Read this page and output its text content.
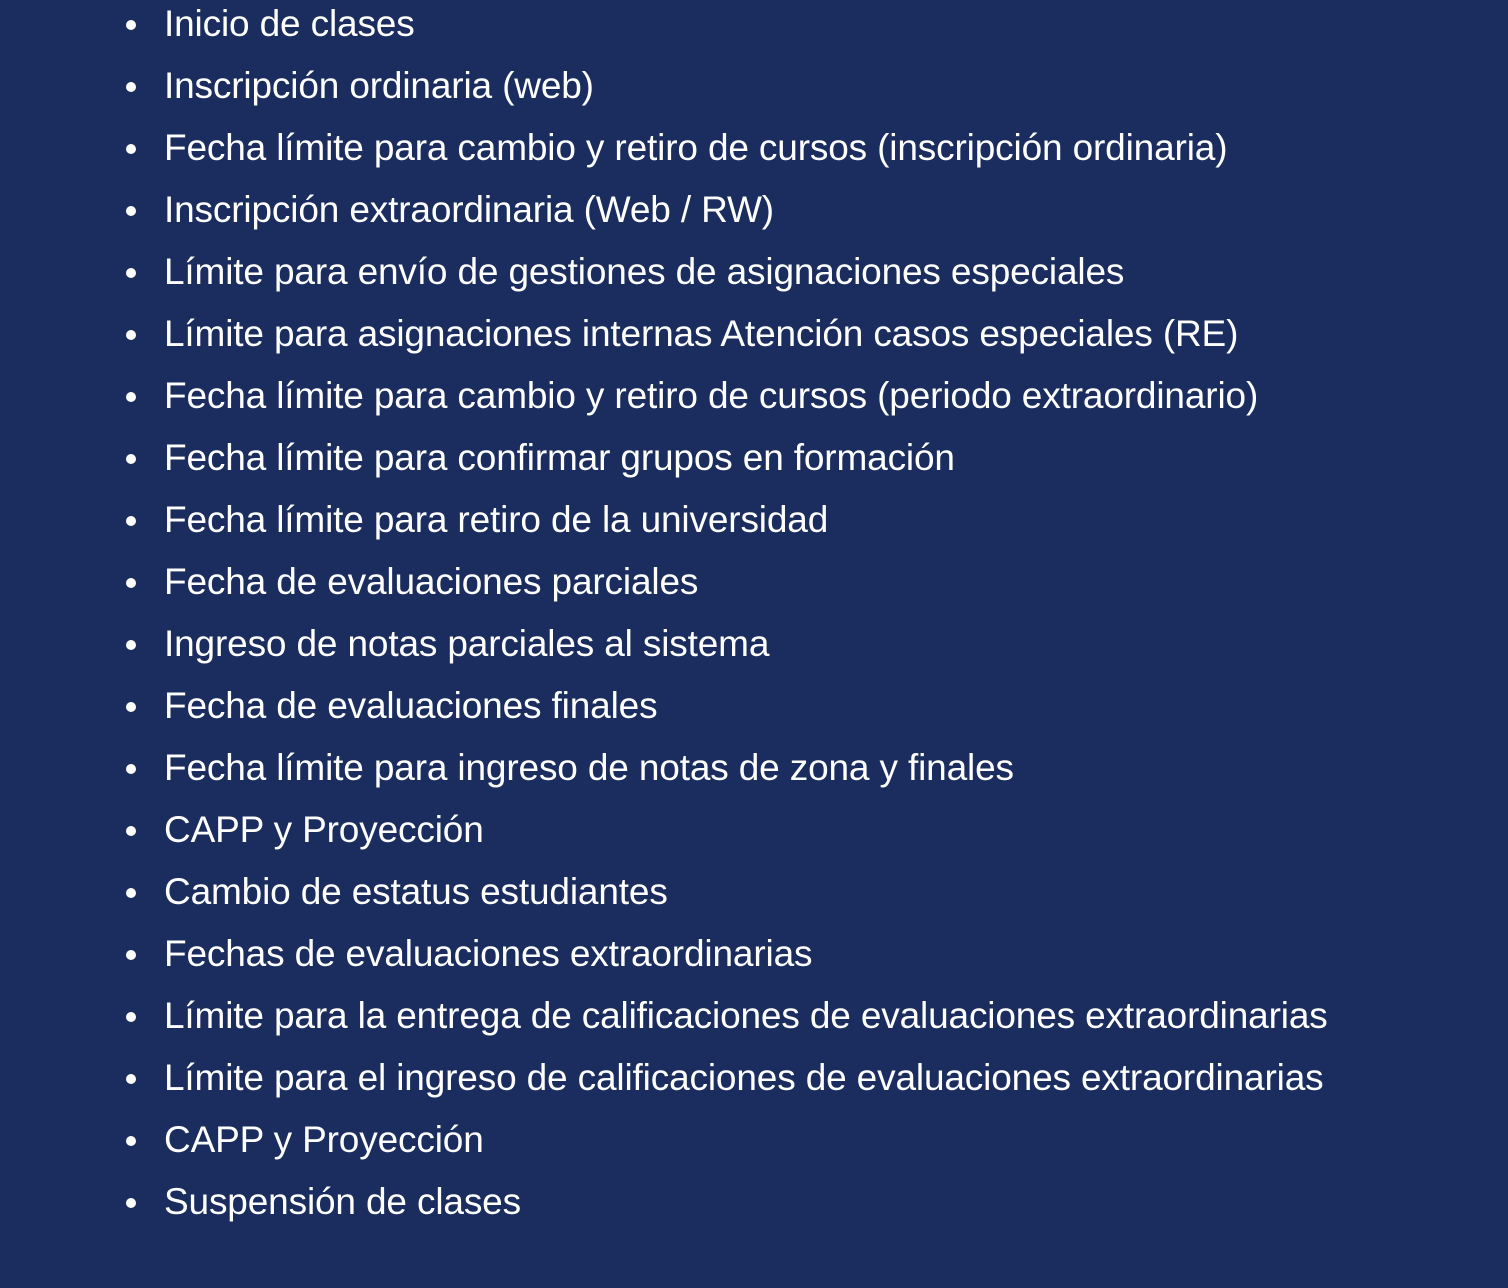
Inicio de clases
Inscripción ordinaria (web)
Fecha límite para cambio y retiro de cursos (inscripción ordinaria)
Inscripción extraordinaria (Web / RW)
Límite para envío de gestiones de asignaciones especiales
Límite para asignaciones internas Atención casos especiales (RE)
Fecha límite para cambio y retiro de cursos (periodo extraordinario)
Fecha límite para confirmar grupos en formación
Fecha límite para retiro de la universidad
Fecha de evaluaciones parciales
Ingreso de notas parciales al sistema
Fecha de evaluaciones finales
Fecha límite para ingreso de notas de zona y finales
CAPP y Proyección
Cambio de estatus estudiantes
Fechas de evaluaciones extraordinarias
Límite para la entrega de calificaciones de evaluaciones extraordinarias
Límite para el ingreso de calificaciones de evaluaciones extraordinarias
CAPP y Proyección
Suspensión de clases
